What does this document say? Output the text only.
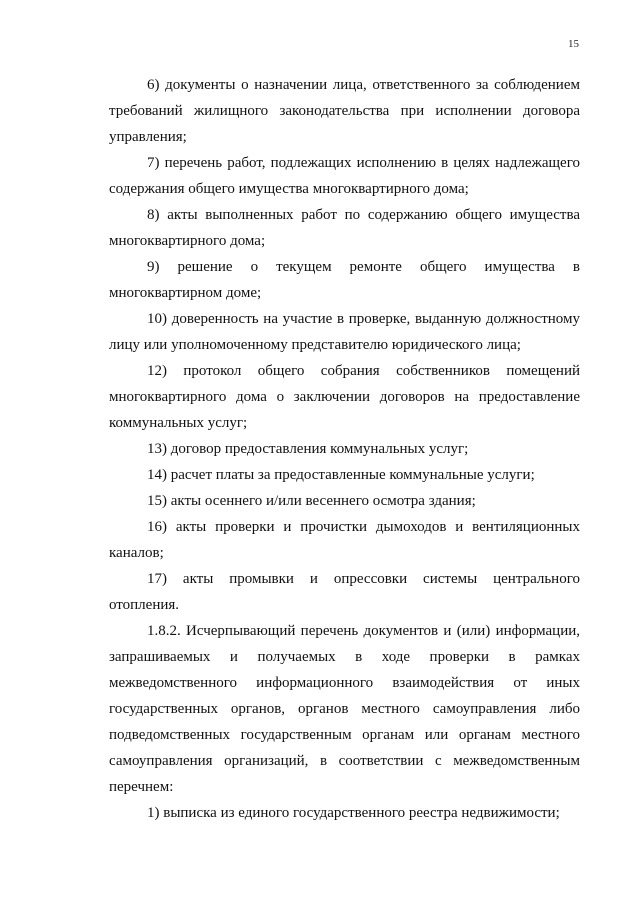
15

6) документы о назначении лица, ответственного за соблюдением требований жилищного законодательства при исполнении договора управления;

7) перечень работ, подлежащих исполнению в целях надлежащего содержания общего имущества многоквартирного дома;

8) акты выполненных работ по содержанию общего имущества многоквартирного дома;

9) решение о текущем ремонте общего имущества в многоквартирном доме;

10) доверенность на участие в проверке, выданную должностному лицу или уполномоченному представителю юридического лица;

12) протокол общего собрания собственников помещений многоквартирного дома о заключении договоров на предоставление коммунальных услуг;

13) договор предоставления коммунальных услуг;

14) расчет платы за предоставленные коммунальные услуги;

15) акты осеннего и/или весеннего осмотра здания;

16) акты проверки и прочистки дымоходов и вентиляционных каналов;

17) акты промывки и опрессовки системы центрального отопления.

1.8.2. Исчерпывающий перечень документов и (или) информации, запрашиваемых и получаемых в ходе проверки в рамках межведомственного информационного взаимодействия от иных государственных органов, органов местного самоуправления либо подведомственных государственным органам или органам местного самоуправления организаций, в соответствии с межведомственным перечнем:

1) выписка из единого государственного реестра недвижимости;
